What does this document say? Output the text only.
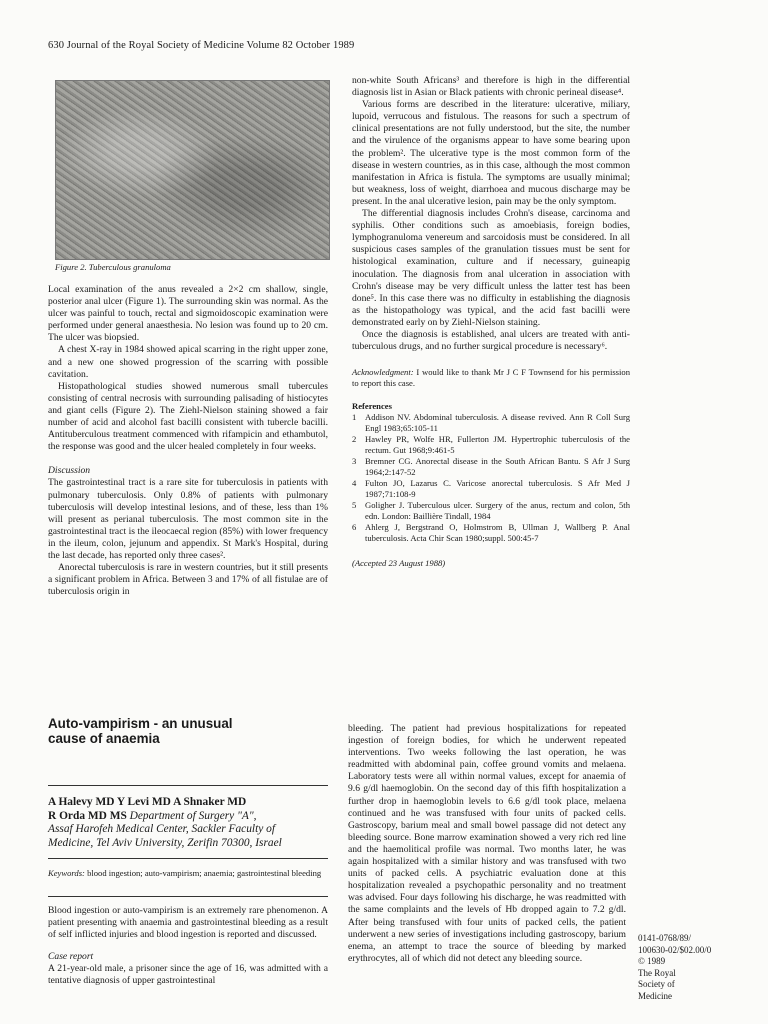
630 Journal of the Royal Society of Medicine Volume 82 October 1989
Figure 2. Tuberculous granuloma

Local examination of the anus revealed a 2×2 cm shallow, single, posterior anal ulcer (Figure 1). The surrounding skin was normal. As the ulcer was painful to touch, rectal and sigmoidoscopic examination were performed under general anaesthesia. No lesion was found up to 20 cm. The ulcer was biopsied.

A chest X-ray in 1984 showed apical scarring in the right upper zone, and a new one showed progression of the scarring with possible cavitation.

Histopathological studies showed numerous small tubercules consisting of central necrosis with surrounding palisading of histiocytes and giant cells (Figure 2). The Ziehl-Nielson staining showed a fair number of acid and alcohol fast bacilli consistent with tubercle bacilli. Antituberculous treatment commenced with rifampicin and ethambutol, the response was good and the ulcer healed completely in four weeks.

Discussion

The gastrointestinal tract is a rare site for tuberculosis in patients with pulmonary tuberculosis. Only 0.8% of patients with pulmonary tuberculosis will develop intestinal lesions, and of these, less than 1% will present as perianal tuberculosis. The most common site in the gastrointestinal tract is the ileocaecal region (85%) with lower frequency in the ileum, colon, jejunum and appendix. St Mark's Hospital, during the last decade, has reported only three cases².

Anorectal tuberculosis is rare in western countries, but it still presents a significant problem in Africa. Between 3 and 17% of all fistulae are of tuberculosis origin in

non-white South Africans³ and therefore is high in the differential diagnosis list in Asian or Black patients with chronic perineal disease⁴.

Various forms are described in the literature: ulcerative, miliary, lupoid, verrucous and fistulous. The reasons for such a spectrum of clinical presentations are not fully understood, but the site, the number and the virulence of the organisms appear to have some bearing upon the problem². The ulcerative type is the most common form of the disease in western countries, as in this case, although the most common manifestation in Africa is fistula. The symptoms are usually minimal; but weakness, loss of weight, diarrhoea and mucous discharge may be present. In the anal ulcerative lesion, pain may be the only symptom.

The differential diagnosis includes Crohn's disease, carcinoma and syphilis. Other conditions such as amoebiasis, foreign bodies, lymphogranuloma venereum and sarcoidosis must be considered. In all suspicious cases samples of the granulation tissues must be sent for histological examination, culture and if necessary, guineapig inoculation. The diagnosis from anal ulceration in association with Crohn's disease may be very difficult unless the latter test has been done⁵. In this case there was no difficulty in establishing the diagnosis as the histopathology was typical, and the acid fast bacilli were demonstrated early on by Ziehl-Nielson staining.

Once the diagnosis is established, anal ulcers are treated with anti-tuberculous drugs, and no further surgical procedure is necessary⁶.

Acknowledgment: I would like to thank Mr J C F Townsend for his permission to report this case.

References

1	Addison NV. Abdominal tuberculosis. A disease revived. Ann R Coll Surg Engl 1983;65:105-11
2	Hawley PR, Wolfe HR, Fullerton JM. Hypertrophic tuberculosis of the rectum. Gut 1968;9:461-5
3	Bremner CG. Anorectal disease in the South African Bantu. S Afr J Surg 1964;2:147-52
4	Fulton JO, Lazarus C. Varicose anorectal tuberculosis. S Afr Med J 1987;71:108-9
5	Goligher J. Tuberculous ulcer. Surgery of the anus, rectum and colon, 5th edn. London: Baillière Tindall, 1984
6	Ahlerg J, Bergstrand O, Holmstrom B, Ullman J, Wallberg P. Anal tuberculosis. Acta Chir Scan 1980;suppl. 500:45-7

(Accepted 23 August 1988)

Auto-vampirism - an unusual
cause of anaemia
A Halevy MD Y Levi MD A Shnaker MD
R Orda MD MS Department of Surgery "A",
Assaf Harofeh Medical Center, Sackler Faculty of
Medicine, Tel Aviv University, Zerifin 70300, Israel
Keywords: blood ingestion; auto-vampirism; anaemia; gastrointestinal bleeding

Blood ingestion or auto-vampirism is an extremely rare phenomenon. A patient presenting with anaemia and gastrointestinal bleeding as a result of self inflicted injuries and blood ingestion is reported and discussed.

Case report

A 21-year-old male, a prisoner since the age of 16, was admitted with a tentative diagnosis of upper gastrointestinal

bleeding. The patient had previous hospitalizations for repeated ingestion of foreign bodies, for which he underwent repeated interventions. Two weeks following the last operation, he was readmitted with abdominal pain, coffee ground vomits and melaena. Laboratory tests were all within normal values, except for anaemia of 9.6 g/dl haemoglobin. On the second day of this fifth hospitalization a further drop in haemoglobin levels to 6.6 g/dl took place, melaena continued and he was transfused with four units of packed cells. Gastroscopy, barium meal and small bowel passage did not detect any bleeding source. Bone marrow examination showed a very rich red line and the haemolitical profile was normal. Two months later, he was again hospitalized with a similar history and was transfused with two units of packed cells. A psychiatric evaluation done at this hospitalization revealed a psychopathic personality and no treatment was advised. Four days following his discharge, he was readmitted with the same complaints and the levels of Hb dropped again to 7.2 g/dl. After being transfused with four units of packed cells, the patient underwent a new series of investigations including gastroscopy, barium enema, an attempt to trace the source of bleeding by marked erythrocytes, all of which did not detect any bleeding source.

0141-0768/89/
100630-02/$02.00/0
© 1989
The Royal
Society of
Medicine
